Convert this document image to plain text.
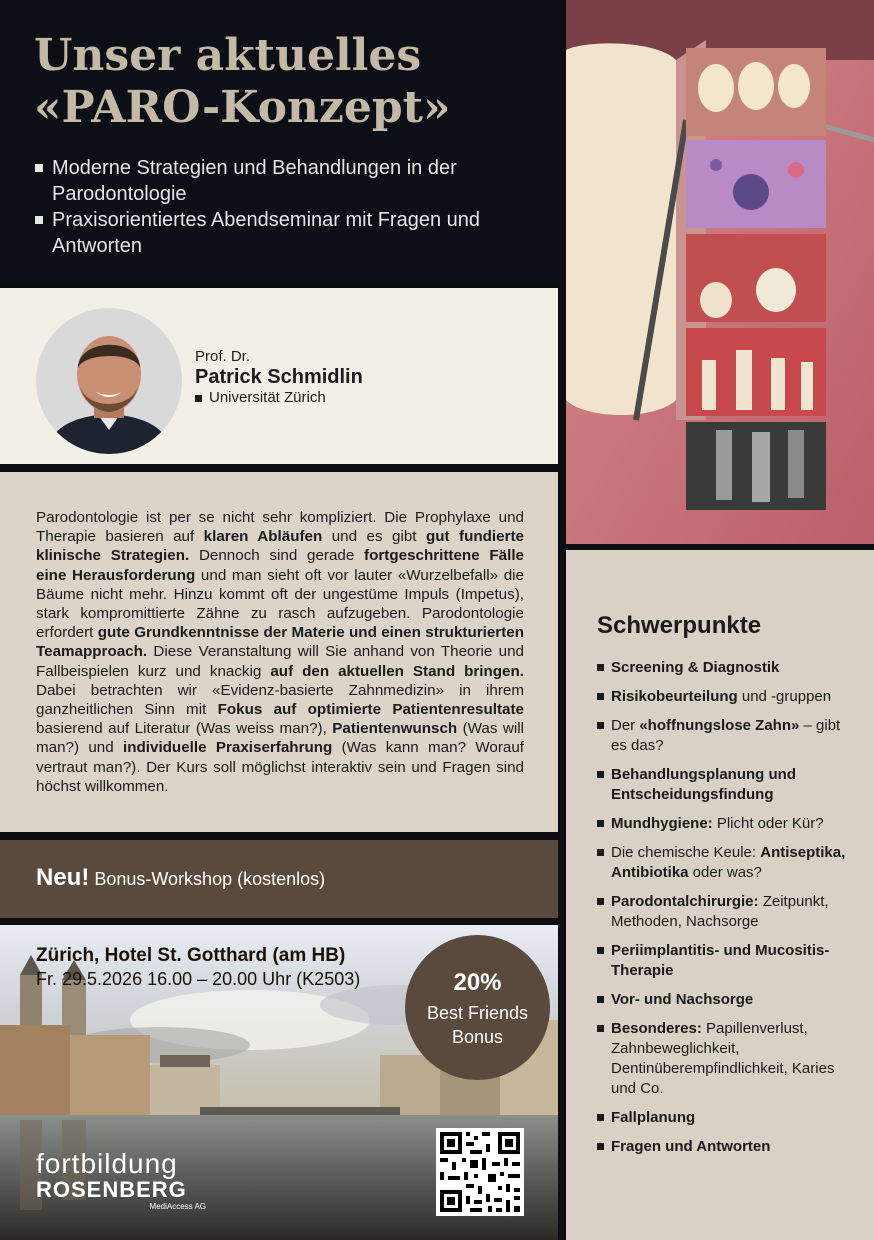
Unser aktuelles
«PARO-Konzept»
Moderne Strategien und Behandlungen in der Parodontologie
Praxisorientiertes Abendseminar mit Fragen und Antworten
Prof. Dr.
Patrick Schmidlin
Universität Zürich

Parodontologie ist per se nicht sehr kompliziert. Die Prophylaxe und Therapie basieren auf klaren Abläufen und es gibt gut fundierte klinische Strategien. Dennoch sind gerade fortgeschrittene Fälle eine Herausforderung und man sieht oft vor lauter «Wurzelbefall» die Bäume nicht mehr. Hinzu kommt oft der ungestüme Impuls (Impetus), stark kompromittierte Zähne zu rasch aufzugeben. Parodontologie erfordert gute Grundkenntnisse der Materie und einen strukturierten Teamapproach. Diese Veranstaltung will Sie anhand von Theorie und Fallbeispielen kurz und knackig auf den aktuellen Stand bringen. Dabei betrachten wir «Evidenz-basierte Zahnmedizin» in ihrem ganzheitlichen Sinn mit Fokus auf optimierte Patientenresultate basierend auf Literatur (Was weiss man?), Patientenwunsch (Was will man?) und individuelle Praxiserfahrung (Was kann man? Worauf vertraut man?). Der Kurs soll möglichst interaktiv sein und Fragen sind höchst willkommen.

Neu! Bonus-Workshop (kostenlos)
Zürich, Hotel St. Gotthard (am HB)
Fr. 29.5.2026 16.00 – 20.00 Uhr (K2503)	20%
Best Friends
Bonus
fortbildung
ROSENBERG
MediAccess AG
Schwerpunkte
Screening & Diagnostik
Risikobeurteilung und -gruppen
Der «hoffnungslose Zahn» – gibt es das?
Behandlungsplanung und Entscheidungsfindung
Mundhygiene: Plicht oder Kür?
Die chemische Keule: Antiseptika, Antibiotika oder was?
Parodontalchirurgie: Zeitpunkt, Methoden, Nachsorge
Periimplantitis- und Mucositis-Therapie
Vor- und Nachsorge
Besonderes: Papillenverlust, Zahnbeweglichkeit, Dentinüberempfindlichkeit, Karies und Co.
Fallplanung
Fragen und Antworten
